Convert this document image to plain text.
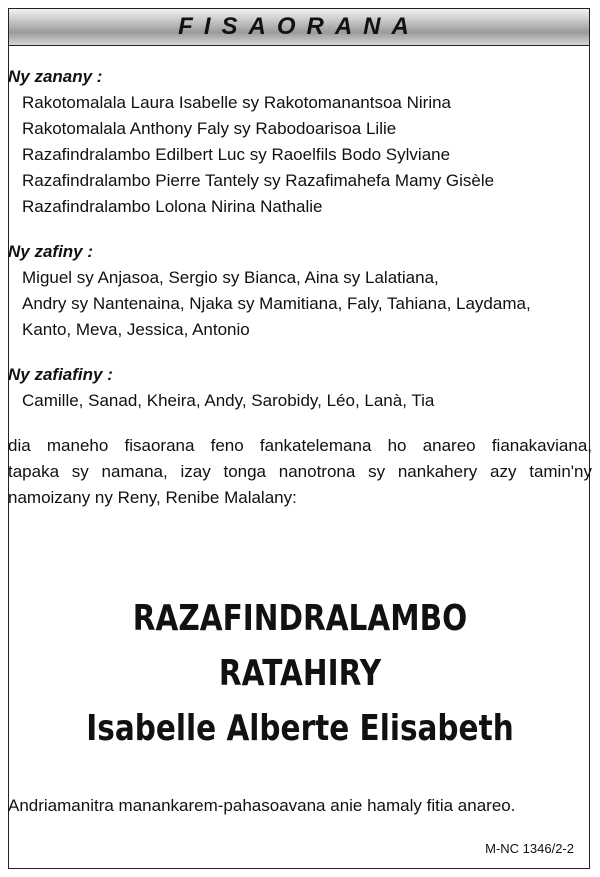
FISAORANA
Ny zanany :
Rakotomalala Laura Isabelle sy Rakotomanantsoa Nirina
Rakotomalala Anthony Faly sy Rabodoarisoa Lilie
Razafindralambo Edilbert Luc sy Raoelfils Bodo Sylviane
Razafindralambo Pierre Tantely sy Razafimahefa Mamy Gisèle
Razafindralambo Lolona Nirina Nathalie
Ny zafiny :
Miguel sy Anjasoa, Sergio sy Bianca, Aina sy Lalatiana,
Andry sy Nantenaina, Njaka sy Mamitiana, Faly, Tahiana, Laydama,
Kanto, Meva, Jessica, Antonio
Ny zafiafiny :
Camille, Sanad, Kheira, Andy, Sarobidy, Léo, Lanà, Tia
dia maneho fisaorana feno fankatelemana ho anareo fianakaviana,
tapaka sy namana, izay tonga nanotrona sy nankahery azy tamin'ny
namoizany ny Reny, Renibe Malalany:
RAZAFINDRALAMBO
RATAHIRY
Isabelle Alberte Elisabeth
Andriamanitra manankarem-pahasoavana anie hamaly fitia anareo.
M-NC 1346/2-2
